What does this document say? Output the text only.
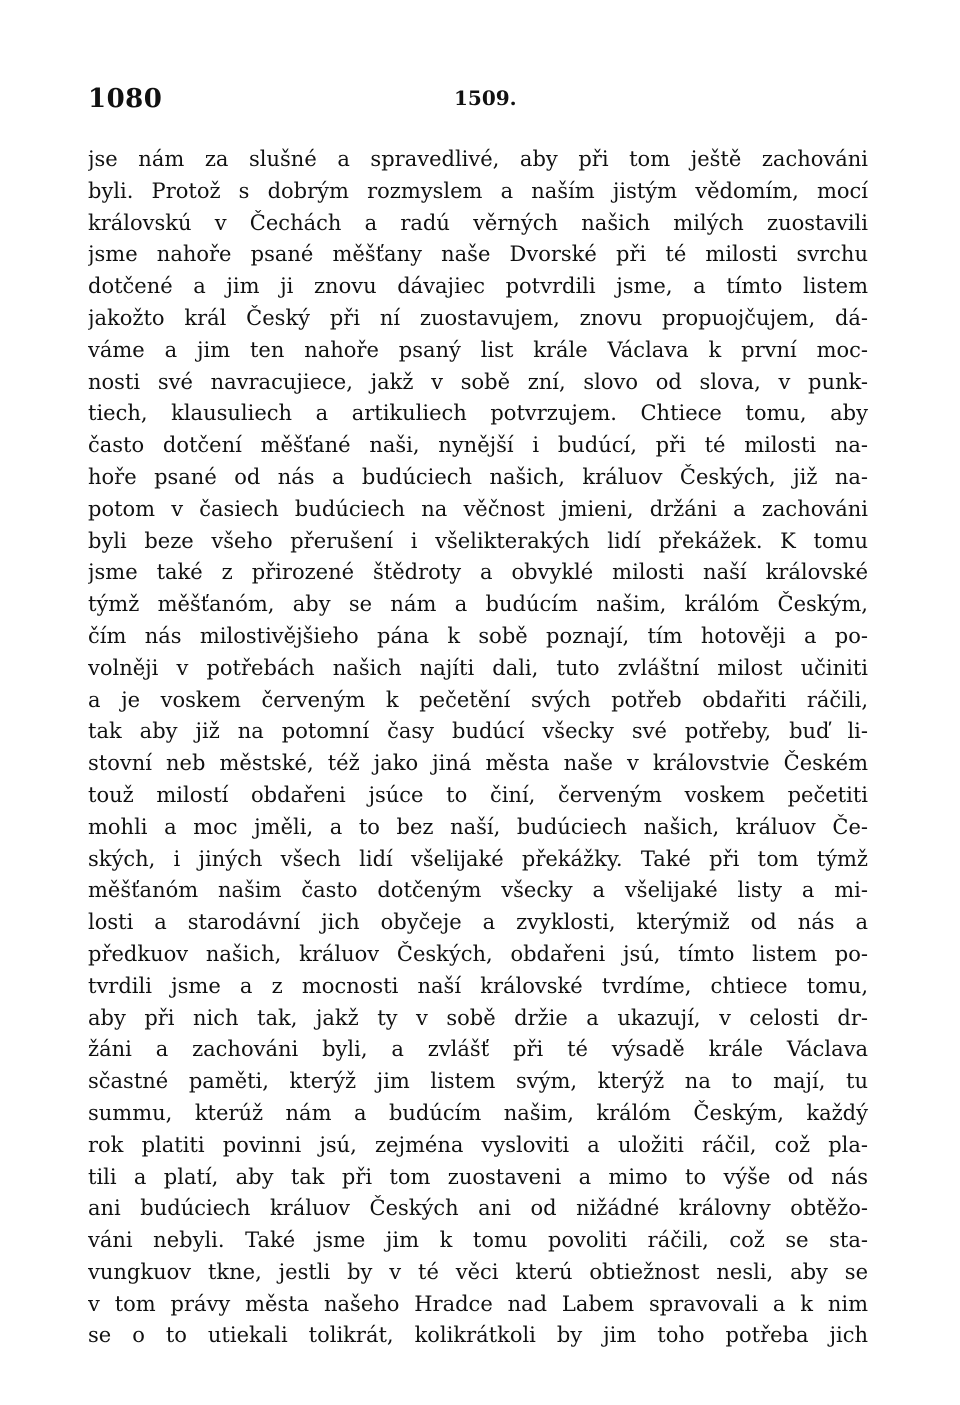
1080	1509.
jse nám za slušné a spravedlivé, aby při tom ještě zachováni
byli. Protož s dobrým rozmyslem a naším jistým vědomím, mocí
královskú v Čechách a radú věrných našich milých zuostavili
jsme nahoře psané měšťany naše Dvorské při té milosti svrchu
dotčené a jim ji znovu dávajiec potvrdili jsme, a tímto listem
jakožto král Český při ní zuostavujem, znovu propuojčujem, dá-
váme a jim ten nahoře psaný list krále Václava k první moc-
nosti své navracujiece, jakž v sobě zní, slovo od slova, v punk-
tiech, klausuliech a artikuliech potvrzujem. Chtiece tomu, aby
často dotčení měšťané naši, nynější i budúcí, při té milosti na-
hoře psané od nás a budúciech našich, králuov Českých, již na-
potom v časiech budúciech na věčnost jmieni, držáni a zachováni
byli beze všeho přerušení i všelikterakých lidí překážek. K tomu
jsme také z přirozené štědroty a obvyklé milosti naší královské
týmž měšťanóm, aby se nám a budúcím našim, králóm Českým,
čím nás milostivějšieho pána k sobě poznají, tím hotověji a po-
volněji v potřebách našich najíti dali, tuto zvláštní milost učiniti
a je voskem červeným k pečetění svých potřeb obdařiti ráčili,
tak aby již na potomní časy budúcí všecky své potřeby, buď li-
stovní neb městské, též jako jiná města naše v královstvie Českém
touž milostí obdařeni jsúce to činí, červeným voskem pečetiti
mohli a moc jměli, a to bez naší, budúciech našich, králuov Če-
ských, i jiných všech lidí všelijaké překážky. Také při tom týmž
měšťanóm našim často dotčeným všecky a všelijaké listy a mi-
losti a starodávní jich obyčeje a zvyklosti, kterýmiž od nás a
předkuov našich, králuov Českých, obdařeni jsú, tímto listem po-
tvrdili jsme a z mocnosti naší královské tvrdíme, chtiece tomu,
aby při nich tak, jakž ty v sobě držie a ukazují, v celosti dr-
žáni a zachováni byli, a zvlášť při té výsadě krále Václava
sčastné paměti, kterýž jim listem svým, kterýž na to mají, tu
summu, kterúž nám a budúcím našim, králóm Českým, každý
rok platiti povinni jsú, zejména vysloviti a uložiti ráčil, což pla-
tili a platí, aby tak při tom zuostaveni a mimo to výše od nás
ani budúciech králuov Českých ani od nižádné královny obtěžo-
váni nebyli. Také jsme jim k tomu povoliti ráčili, což se sta-
vungkuov tkne, jestli by v té věci kterú obtiežnost nesli, aby se
v tom právy města našeho Hradce nad Labem spravovali a k nim
se o to utiekali tolikrát, kolikrátkoli by jim toho potřeba jich
